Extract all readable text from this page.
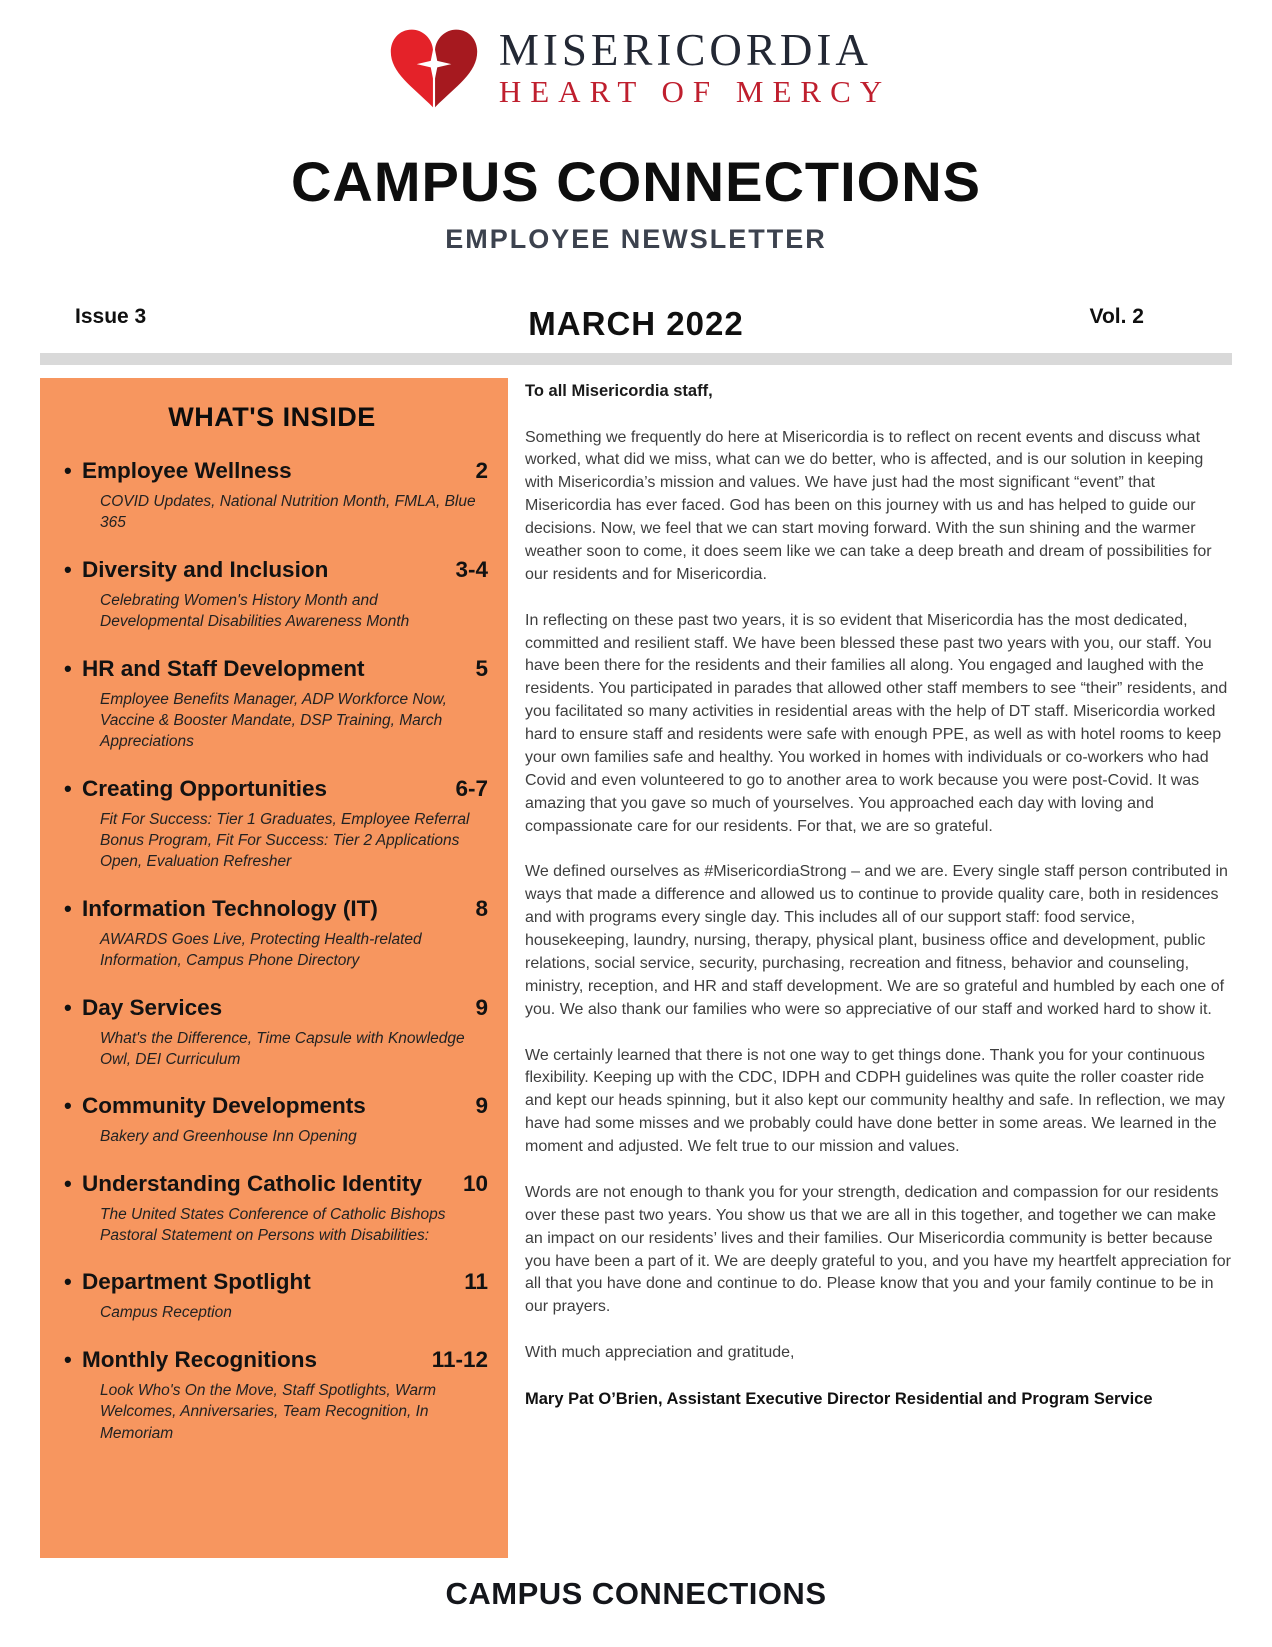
MISERICORDIA
HEART OF MERCY
CAMPUS CONNECTIONS
EMPLOYEE NEWSLETTER
Issue 3	MARCH 2022	Vol. 2
WHAT'S INSIDE
• Employee Wellness	2
COVID Updates, National Nutrition Month, FMLA, Blue 365
• Diversity and Inclusion	3-4
Celebrating Women's History Month and Developmental Disabilities Awareness Month
• HR and Staff Development	5
Employee Benefits Manager, ADP Workforce Now, Vaccine & Booster Mandate, DSP Training, March Appreciations
• Creating Opportunities	6-7
Fit For Success: Tier 1 Graduates, Employee Referral Bonus Program, Fit For Success: Tier 2 Applications Open, Evaluation Refresher
• Information Technology (IT)	8
AWARDS Goes Live, Protecting Health-related Information, Campus Phone Directory
• Day Services	9
What's the Difference, Time Capsule with Knowledge Owl, DEI Curriculum
• Community Developments	9
Bakery and Greenhouse Inn Opening
• Understanding Catholic Identity	10
The United States Conference of Catholic Bishops Pastoral Statement on Persons with Disabilities:
• Department Spotlight	11
Campus Reception
• Monthly Recognitions	11-12
Look Who's On the Move, Staff Spotlights, Warm Welcomes, Anniversaries, Team Recognition, In Memoriam
To all Misericordia staff,

Something we frequently do here at Misericordia is to reflect on recent events and discuss what worked, what did we miss, what can we do better, who is affected, and is our solution in keeping with Misericordia’s mission and values. We have just had the most significant “event” that Misericordia has ever faced. God has been on this journey with us and has helped to guide our decisions. Now, we feel that we can start moving forward. With the sun shining and the warmer weather soon to come, it does seem like we can take a deep breath and dream of possibilities for our residents and for Misericordia.

In reflecting on these past two years, it is so evident that Misericordia has the most dedicated, committed and resilient staff. We have been blessed these past two years with you, our staff. You have been there for the residents and their families all along. You engaged and laughed with the residents. You participated in parades that allowed other staff members to see “their” residents, and you facilitated so many activities in residential areas with the help of DT staff. Misericordia worked hard to ensure staff and residents were safe with enough PPE, as well as with hotel rooms to keep your own families safe and healthy. You worked in homes with individuals or co-workers who had Covid and even volunteered to go to another area to work because you were post-Covid. It was amazing that you gave so much of yourselves. You approached each day with loving and compassionate care for our residents. For that, we are so grateful.

We defined ourselves as #MisericordiaStrong – and we are. Every single staff person contributed in ways that made a difference and allowed us to continue to provide quality care, both in residences and with programs every single day. This includes all of our support staff: food service, housekeeping, laundry, nursing, therapy, physical plant, business office and development, public relations, social service, security, purchasing, recreation and fitness, behavior and counseling, ministry, reception, and HR and staff development. We are so grateful and humbled by each one of you. We also thank our families who were so appreciative of our staff and worked hard to show it.

We certainly learned that there is not one way to get things done. Thank you for your continuous flexibility. Keeping up with the CDC, IDPH and CDPH guidelines was quite the roller coaster ride and kept our heads spinning, but it also kept our community healthy and safe. In reflection, we may have had some misses and we probably could have done better in some areas. We learned in the moment and adjusted. We felt true to our mission and values.

Words are not enough to thank you for your strength, dedication and compassion for our residents over these past two years. You show us that we are all in this together, and together we can make an impact on our residents’ lives and their families. Our Misericordia community is better because you have been a part of it. We are deeply grateful to you, and you have my heartfelt appreciation for all that you have done and continue to do. Please know that you and your family continue to be in our prayers.

With much appreciation and gratitude,
Mary Pat O’Brien, Assistant Executive Director Residential and Program Service
CAMPUS CONNECTIONS
